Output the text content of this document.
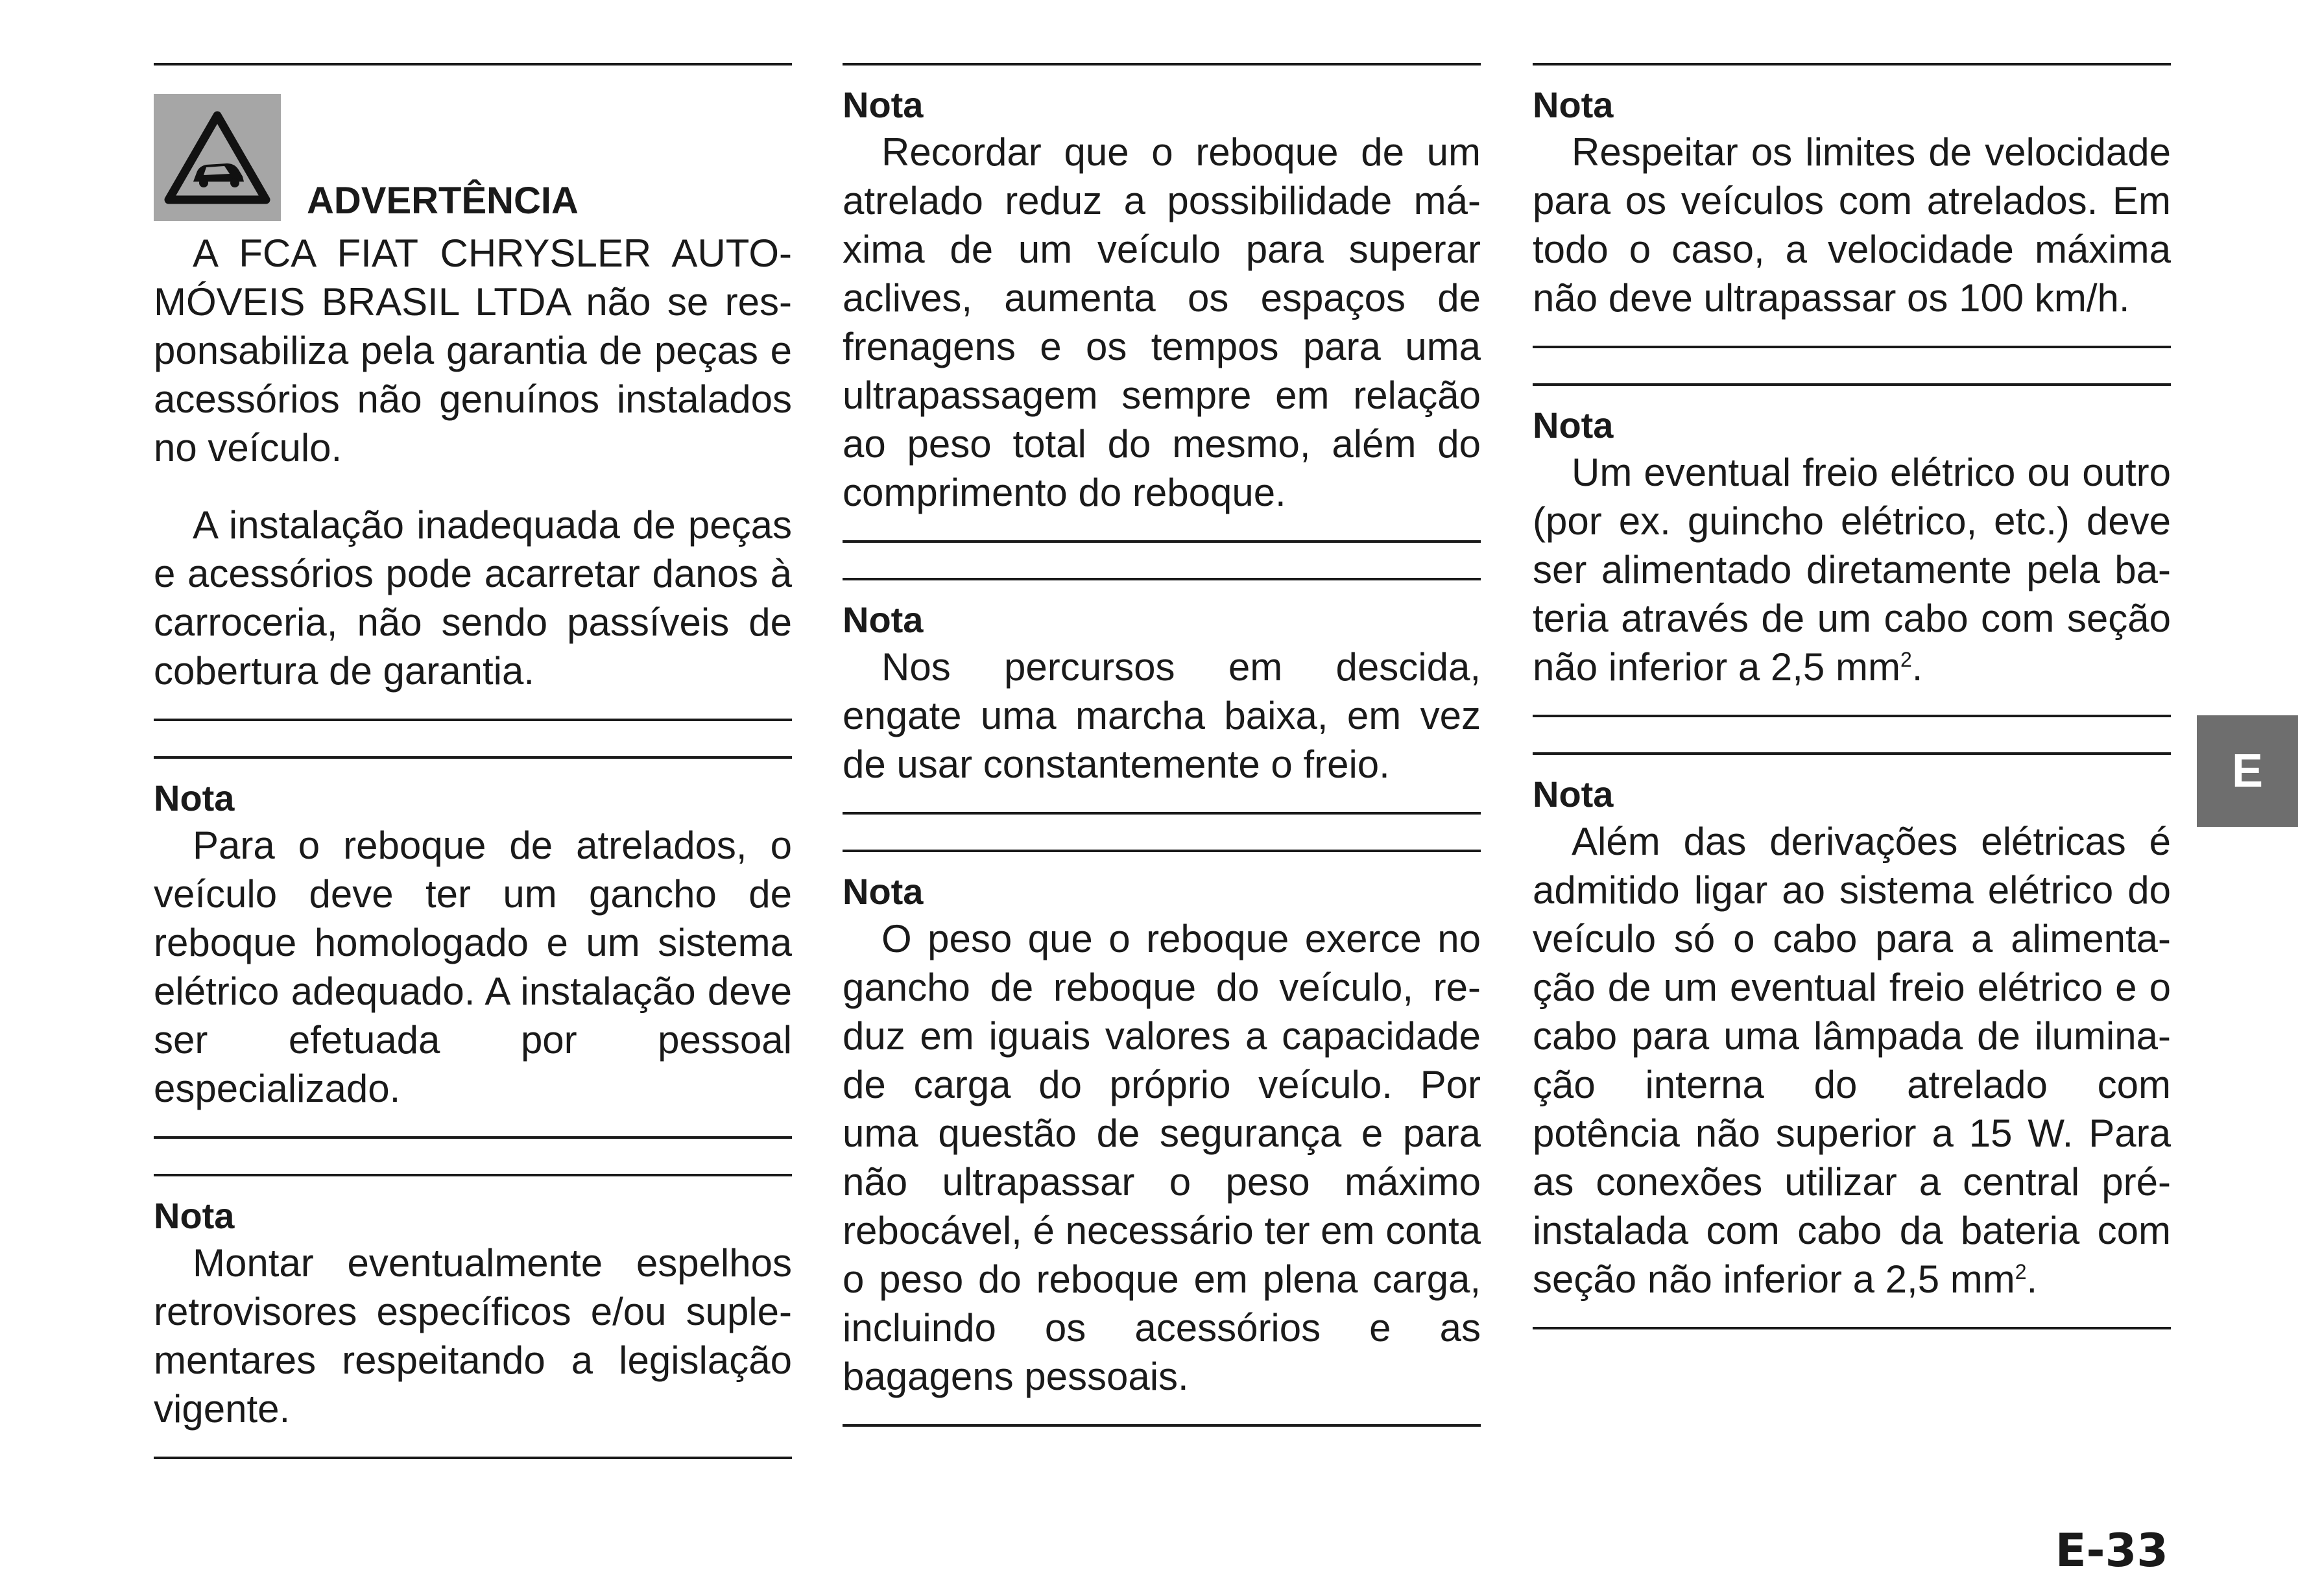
ADVERTÊNCIA

A FCA FIAT CHRYSLER AUTOMÓVEIS BRASIL LTDA não se responsabiliza pela garantia de peças e acessórios não genuínos instalados no veículo.

A instalação inadequada de peças e acessórios pode acarretar danos à carroceria, não sendo passíveis de cobertura de garantia.

Nota

Para o reboque de atrelados, o veículo deve ter um gancho de reboque homologado e um sistema elétrico adequado. A instalação deve ser efetuada por pessoal especializado.

Nota

Montar eventualmente espelhos retrovisores específicos e/ou suplementares respeitando a legislação vigente.

Nota

Recordar que o reboque de um atrelado reduz a possibilidade máxima de um veículo para superar aclives, aumenta os espaços de frenagens e os tempos para uma ultrapassagem sempre em relação ao peso total do mesmo, além do comprimento do reboque.

Nota

Nos percursos em descida, engate uma marcha baixa, em vez de usar constantemente o freio.

Nota

O peso que o reboque exerce no gancho de reboque do veículo, reduz em iguais valores a capacidade de carga do próprio veículo. Por uma questão de segurança e para não ultrapassar o peso máximo rebocável, é necessário ter em conta o peso do reboque em plena carga, incluindo os acessórios e as bagagens pessoais.

Nota

Respeitar os limites de velocidade para os veículos com atrelados. Em todo o caso, a velocidade máxima não deve ultrapassar os 100 km/h.

Nota

Um eventual freio elétrico ou outro (por ex. guincho elétrico, etc.) deve ser alimentado diretamente pela bateria através de um cabo com seção não inferior a 2,5 $mm^2$.

Nota

Além das derivações elétricas é admitido ligar ao sistema elétrico do veículo só o cabo para a alimentação de um eventual freio elétrico e o cabo para uma lâmpada de iluminação interna do atrelado com potência não superior a 15 W. Para as conexões utilizar a central pré-instalada com cabo da bateria com seção não inferior a 2,5 $mm^2$.

E
E-33
